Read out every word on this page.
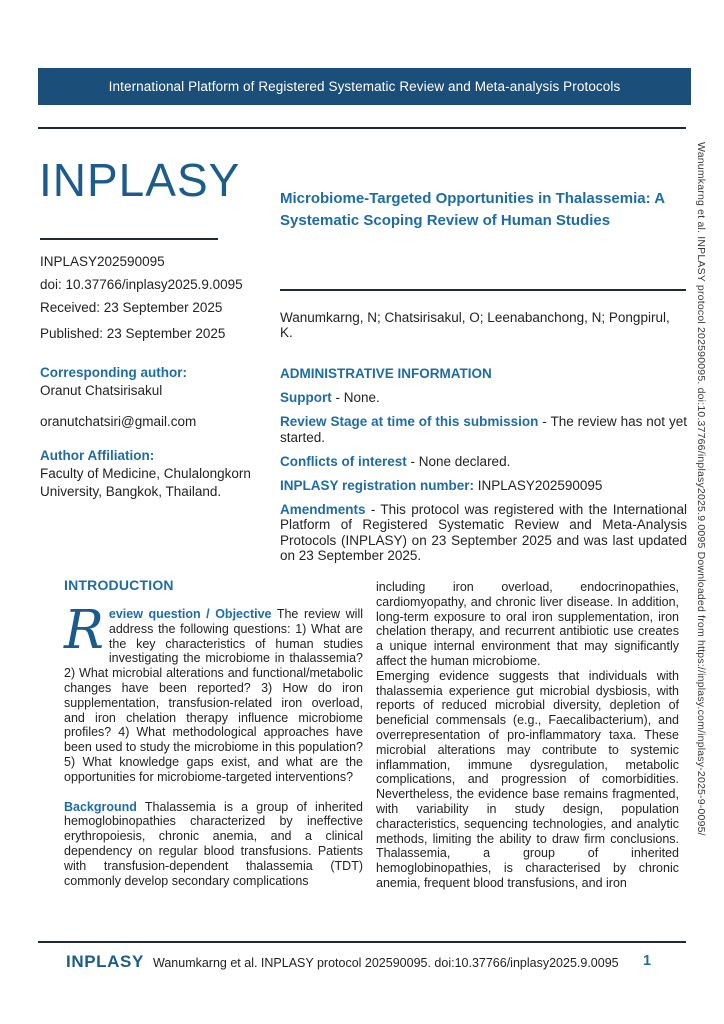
International Platform of Registered Systematic Review and Meta-analysis Protocols
INPLASY
INPLASY202590095
doi: 10.37766/inplasy2025.9.0095
Received: 23 September 2025
Published: 23 September 2025
Microbiome-Targeted Opportunities in Thalassemia: A Systematic Scoping Review of Human Studies
Wanumkarng, N; Chatsirisakul, O; Leenabanchong, N; Pongpirul, K.
Corresponding author:
Oranut Chatsirisakul
oranutchatsiri@gmail.com
Author Affiliation:
Faculty of Medicine, Chulalongkorn University, Bangkok, Thailand.
ADMINISTRATIVE INFORMATION

Support - None.

Review Stage at time of this submission - The review has not yet started.

Conflicts of interest - None declared.

INPLASY registration number: INPLASY202590095

Amendments - This protocol was registered with the International Platform of Registered Systematic Review and Meta-Analysis Protocols (INPLASY) on 23 September 2025 and was last updated on 23 September 2025.

INTRODUCTION

Review question / Objective The review will address the following questions: 1) What are the key characteristics of human studies investigating the microbiome in thalassemia? 2) What microbial alterations and functional/metabolic changes have been reported? 3) How do iron supplementation, transfusion-related iron overload, and iron chelation therapy influence microbiome profiles? 4) What methodological approaches have been used to study the microbiome in this population? 5) What knowledge gaps exist, and what are the opportunities for microbiome-targeted interventions?

Background Thalassemia is a group of inherited hemoglobinopathies characterized by ineffective erythropoiesis, chronic anemia, and a clinical dependency on regular blood transfusions. Patients with transfusion-dependent thalassemia (TDT) commonly develop secondary complications

including iron overload, endocrinopathies, cardiomyopathy, and chronic liver disease. In addition, long-term exposure to oral iron supplementation, iron chelation therapy, and recurrent antibiotic use creates a unique internal environment that may significantly affect the human microbiome.

Emerging evidence suggests that individuals with thalassemia experience gut microbial dysbiosis, with reports of reduced microbial diversity, depletion of beneficial commensals (e.g., Faecalibacterium), and overrepresentation of pro-inflammatory taxa. These microbial alterations may contribute to systemic inflammation, immune dysregulation, metabolic complications, and progression of comorbidities. Nevertheless, the evidence base remains fragmented, with variability in study design, population characteristics, sequencing technologies, and analytic methods, limiting the ability to draw firm conclusions. Thalassemia, a group of inherited hemoglobinopathies, is characterised by chronic anemia, frequent blood transfusions, and iron

INPLASY Wanumkarng et al. INPLASY protocol 202590095. doi:10.37766/inplasy2025.9.0095 1
Wanumkarng et al. INPLASY protocol 202590095. doi:10.37766/inplasy2025.9.0095 Downloaded from https://inplasy.com/inplasy-2025-9-0095/
